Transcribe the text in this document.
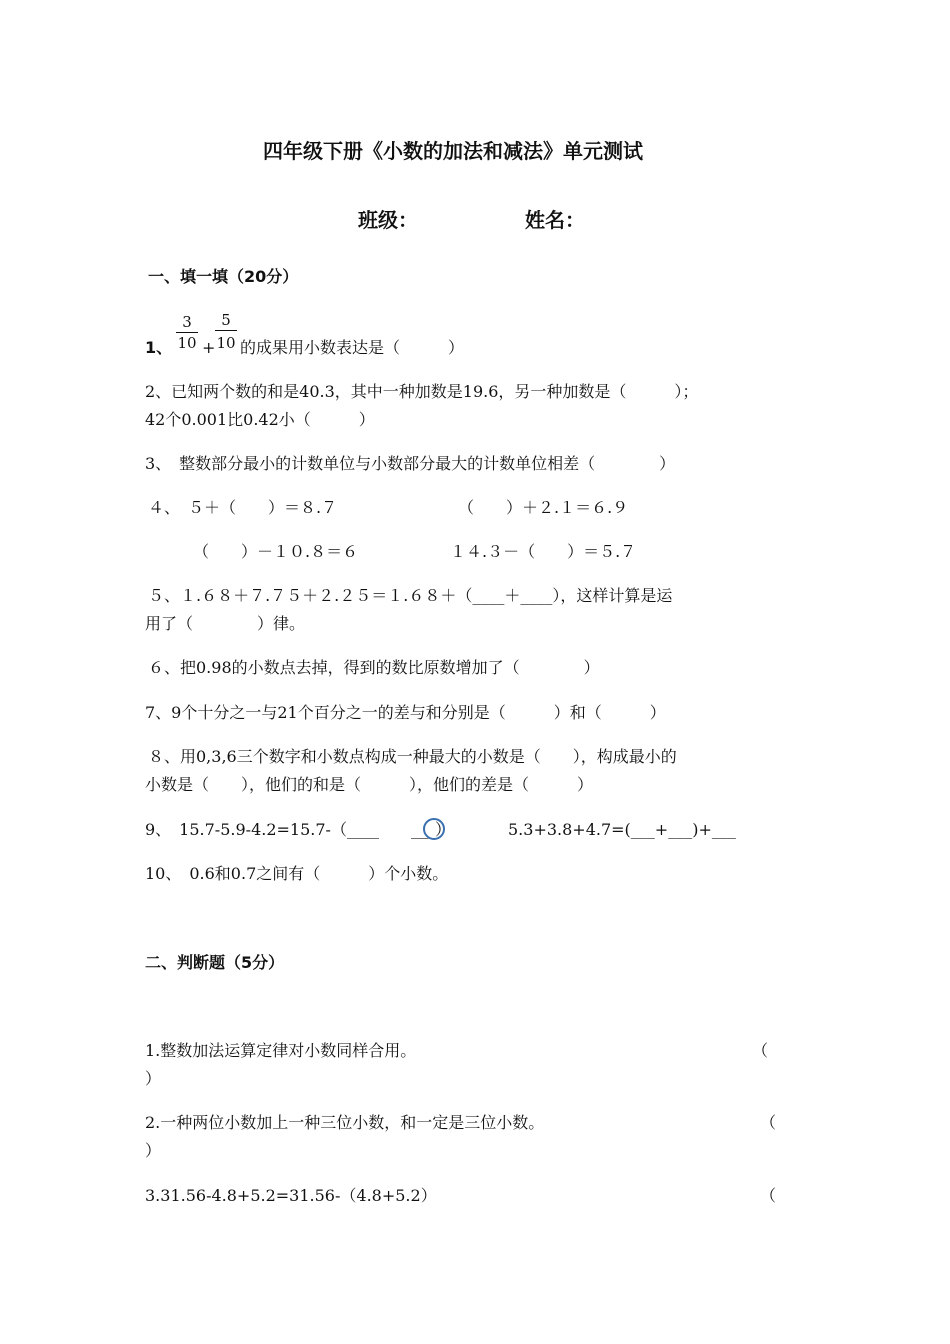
四年级下册《小数的加法和减法》单元测试
班级：	姓名：
一、填一填（20分）
1、
3
10 +
5
10 的成果用小数表达是（　　　）
2、已知两个数的和是40.3，其中一种加数是19.6，另一种加数是（　　　）；
42个0.001比0.42小（　　　）
3、　整数部分最小的计数单位与小数部分最大的计数单位相差（　　　　）
４、　５＋（　　）＝８.７	（　　）＋２.１＝６.９
（　　）－１０.８＝６	１４.３－（　　）＝５.７
５、１.６８＋７.７５＋２.２５＝１.６８＋（____＋____），这样计算是运
用了（　　　　）律。
６、把0.98的小数点去掉，得到的数比原数增加了（　　　　）
7、9个十分之一与21个百分之一的差与和分别是（　　　）和（　　　）
８、用0,3,6三个数字和小数点构成一种最大的小数是（　　），构成最小的
小数是（　　），他们的和是（　　　），他们的差是（　　　）
9、　15.7-5.9-4.2=15.7-（____　　___）	5.3+3.8+4.7=(___+___)+___
10、　0.6和0.7之间有（　　　）个小数。
二、判断题（5分）
1.整数加法运算定律对小数同样合用。	（
）
2.一种两位小数加上一种三位小数，和一定是三位小数。	（
）
3.31.56-4.8+5.2=31.56-（4.8+5.2）	（
